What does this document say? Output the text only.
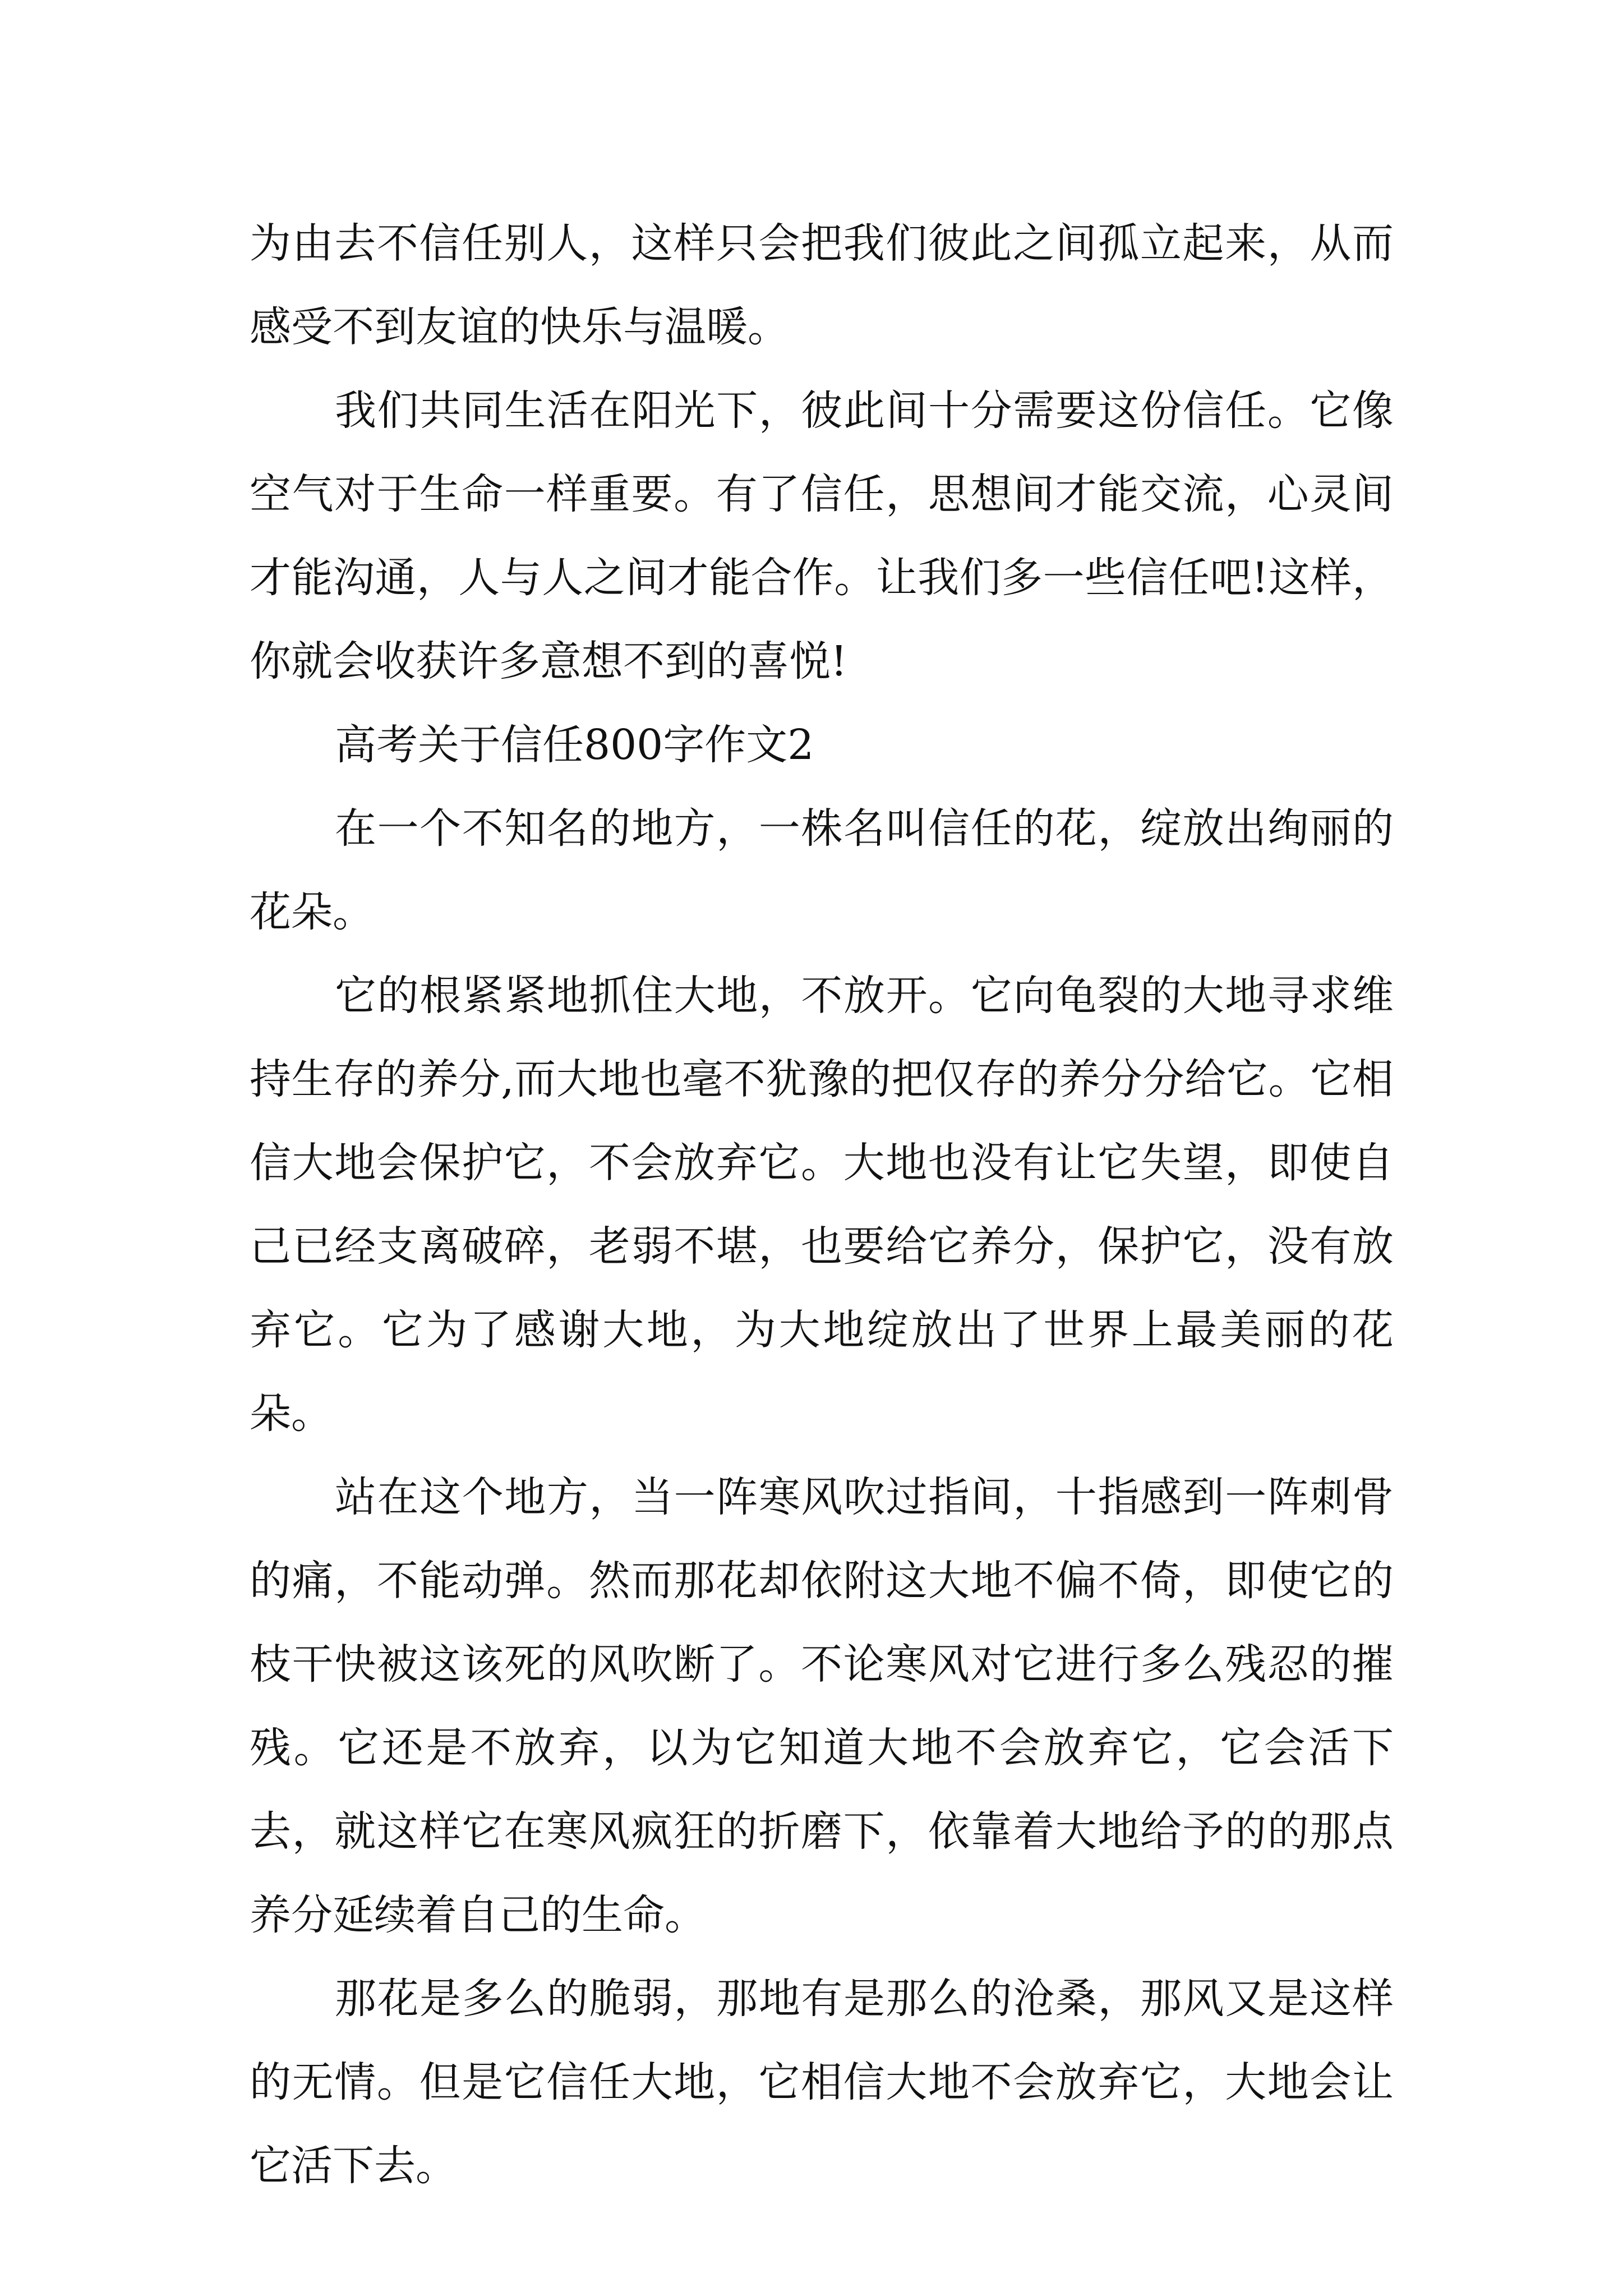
为由去不信任别人，这样只会把我们彼此之间孤立起来，从而感受不到友谊的快乐与温暖。

我们共同生活在阳光下，彼此间十分需要这份信任。它像空气对于生命一样重要。有了信任，思想间才能交流，心灵间才能沟通，人与人之间才能合作。让我们多一些信任吧!这样，你就会收获许多意想不到的喜悦!

高考关于信任800字作文2

在一个不知名的地方，一株名叫信任的花，绽放出绚丽的花朵。

它的根紧紧地抓住大地，不放开。它向龟裂的大地寻求维持生存的养分,而大地也毫不犹豫的把仅存的养分分给它。它相信大地会保护它，不会放弃它。大地也没有让它失望，即使自己已经支离破碎，老弱不堪，也要给它养分，保护它，没有放弃它。它为了感谢大地，为大地绽放出了世界上最美丽的花朵。

站在这个地方，当一阵寒风吹过指间，十指感到一阵刺骨的痛，不能动弹。然而那花却依附这大地不偏不倚，即使它的枝干快被这该死的风吹断了。不论寒风对它进行多么残忍的摧残。它还是不放弃，以为它知道大地不会放弃它，它会活下去，就这样它在寒风疯狂的折磨下，依靠着大地给予的的那点养分延续着自己的生命。

那花是多么的脆弱，那地有是那么的沧桑，那风又是这样的无情。但是它信任大地，它相信大地不会放弃它，大地会让它活下去。
